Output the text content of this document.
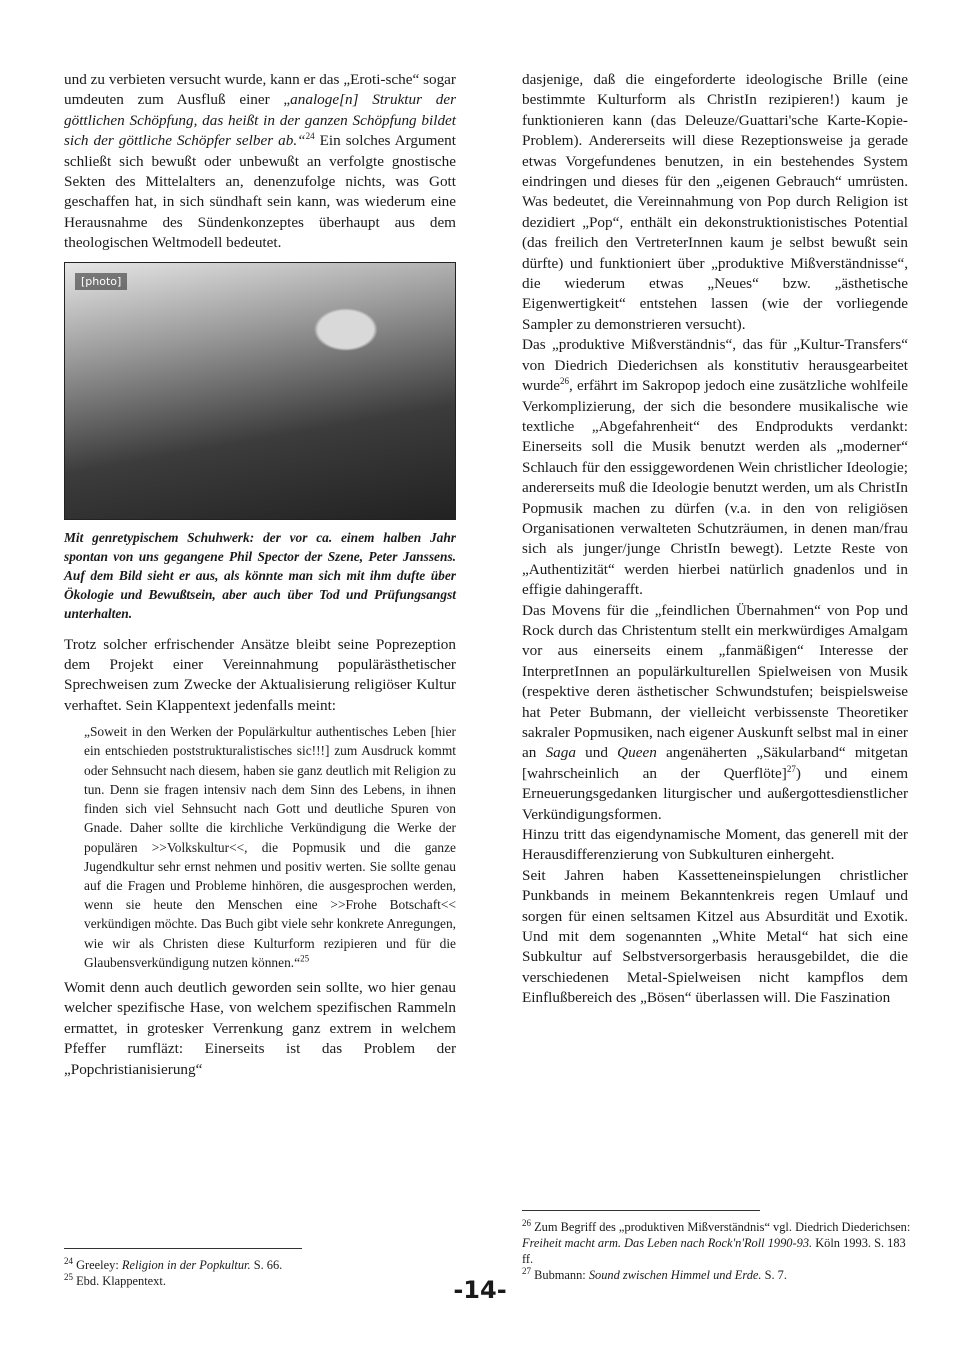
und zu verbieten versucht wurde, kann er das „Eroti-sche“ sogar umdeuten zum Ausfluß einer „analoge[n] Struktur der göttlichen Schöpfung, das heißt in der ganzen Schöpfung bildet sich der göttliche Schöpfer selber ab.“$^{24}$ Ein solches Argument schließt sich bewußt oder unbewußt an verfolgte gnostische Sekten des Mittelalters an, denenzufolge nichts, was Gott geschaffen hat, in sich sündhaft sein kann, was wiederum eine Herausnahme des Sündenkonzeptes überhaupt aus dem theologischen Weltmodell bedeutet.

[photo]
Mit genretypischem Schuhwerk: der vor ca. einem halben Jahr spontan von uns gegangene Phil Spector der Szene, Peter Janssens. Auf dem Bild sieht er aus, als könnte man sich mit ihm dufte über Ökologie und Bewußtsein, aber auch über Tod und Prüfungsangst unterhalten.

Trotz solcher erfrischender Ansätze bleibt seine Poprezeption dem Projekt einer Vereinnahmung populärästhetischer Sprechweisen zum Zwecke der Aktualisierung religiöser Kultur verhaftet. Sein Klappentext jedenfalls meint:

„Soweit in den Werken der Populärkultur authentisches Leben [hier ein entschieden poststrukturalistisches sic!!!] zum Ausdruck kommt oder Sehnsucht nach diesem, haben sie ganz deutlich mit Religion zu tun. Denn sie fragen intensiv nach dem Sinn des Lebens, in ihnen finden sich viel Sehnsucht nach Gott und deutliche Spuren von Gnade. Daher sollte die kirchliche Verkündigung die Werke der populären >>Volkskultur<<, die Popmusik und die ganze Jugendkultur sehr ernst nehmen und positiv werten. Sie sollte genau auf die Fragen und Probleme hinhören, die ausgesprochen werden, wenn sie heute den Menschen eine >>Frohe Botschaft<< verkündigen möchte. Das Buch gibt viele sehr konkrete Anregungen, wie wir als Christen diese Kulturform rezipieren und für die Glaubensverkündigung nutzen können.“$^{25}$

Womit denn auch deutlich geworden sein sollte, wo hier genau welcher spezifische Hase, von welchem spezifischen Rammeln ermattet, in grotesker Verrenkung ganz extrem in welchem Pfeffer rumfläzt: Einerseits ist das Problem der „Popchristianisierung“

dasjenige, daß die eingeforderte ideologische Brille (eine bestimmte Kulturform als ChristIn rezipieren!) kaum je funktionieren kann (das Deleuze/Guattari'sche Karte-Kopie-Problem). Andererseits will diese Rezeptionsweise ja gerade etwas Vorgefundenes benutzen, in ein bestehendes System eindringen und dieses für den „eigenen Gebrauch“ umrüsten. Was bedeutet, die Vereinnahmung von Pop durch Religion ist dezidiert „Pop“, enthält ein dekonstruktionistisches Potential (das freilich den VertreterInnen kaum je selbst bewußt sein dürfte) und funktioniert über „produktive Mißverständnisse“, die wiederum etwas „Neues“ bzw. „ästhetische Eigenwertigkeit“ entstehen lassen (wie der vorliegende Sampler zu demonstrieren versucht).

Das „produktive Mißverständnis“, das für „Kultur-Transfers“ von Diedrich Diederichsen als konstitutiv herausgearbeitet wurde$^{26}$, erfährt im Sakropop jedoch eine zusätzliche wohlfeile Verkomplizierung, der sich die besondere musikalische wie textliche „Abgefahrenheit“ des Endprodukts verdankt: Einerseits soll die Musik benutzt werden als „moderner“ Schlauch für den essiggewordenen Wein christlicher Ideologie; andererseits muß die Ideologie benutzt werden, um als ChristIn Popmusik machen zu dürfen (v.a. in den von religiösen Organisationen verwalteten Schutzräumen, in denen man/frau sich als junger/junge ChristIn bewegt). Letzte Reste von „Authentizität“ werden hierbei natürlich gnadenlos und in effigie dahingerafft.

Das Movens für die „feindlichen Übernahmen“ von Pop und Rock durch das Christentum stellt ein merkwürdiges Amalgam vor aus einerseits einem „fanmäßigen“ Interesse der InterpretInnen an populärkulturellen Spielweisen von Musik (respektive deren ästhetischer Schwundstufen; beispielsweise hat Peter Bubmann, der vielleicht verbissenste Theoretiker sakraler Popmusiken, nach eigener Auskunft selbst mal in einer an Saga und Queen angenäherten „Säkularband“ mitgetan [wahrscheinlich an der Querflöte]$^{27}$) und einem Erneuerungsgedanken liturgischer und außergottesdienstlicher Verkündigungsformen.

Hinzu tritt das eigendynamische Moment, das generell mit der Herausdifferenzierung von Subkulturen einhergeht.

Seit Jahren haben Kassetteneinspielungen christlicher Punkbands in meinem Bekanntenkreis regen Umlauf und sorgen für einen seltsamen Kitzel aus Absurdität und Exotik. Und mit dem sogenannten „White Metal“ hat sich eine Subkultur auf Selbstversorgerbasis herausgebildet, die die verschiedenen Metal-Spielweisen nicht kampflos dem Einflußbereich des „Bösen“ überlassen will. Die Faszination

$^{24}$ Greeley: Religion in der Popkultur. S. 66.

$^{25}$ Ebd. Klappentext.

$^{26}$ Zum Begriff des „produktiven Mißverständnis“ vgl. Diedrich Diederichsen: Freiheit macht arm. Das Leben nach Rock'n'Roll 1990-93. Köln 1993. S. 183 ff.

$^{27}$ Bubmann: Sound zwischen Himmel und Erde. S. 7.

-14-
